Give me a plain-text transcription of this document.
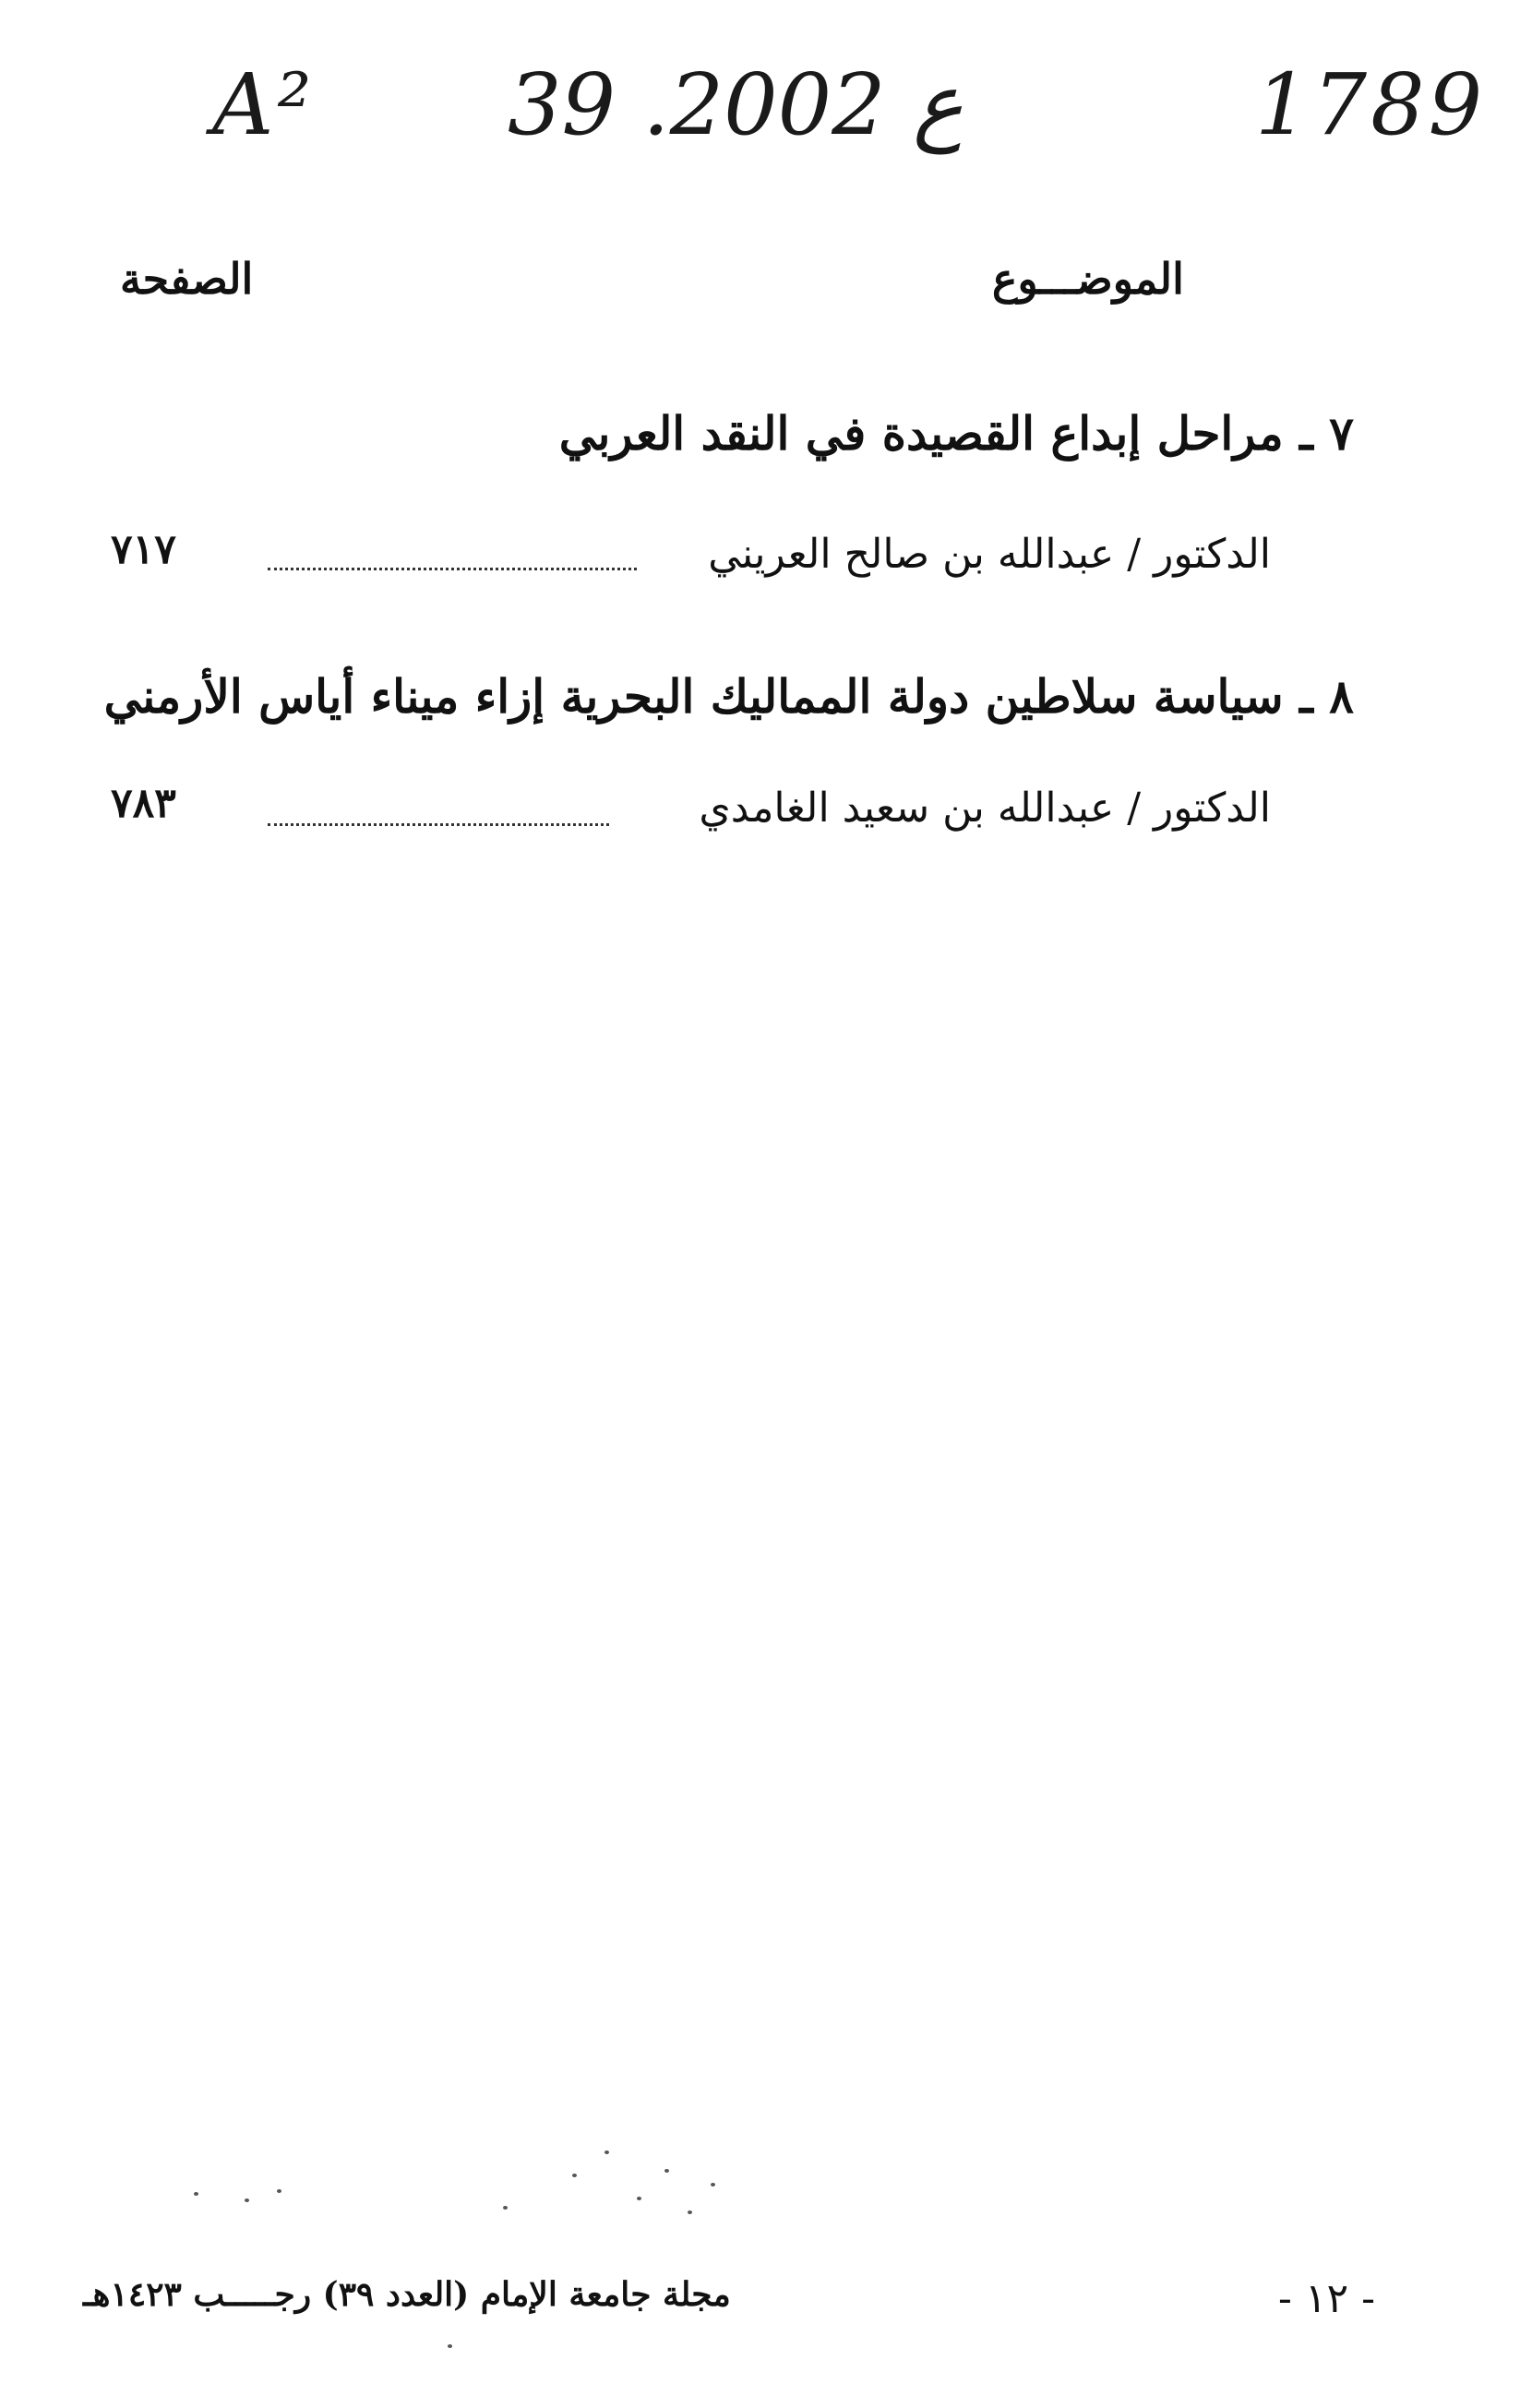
A² 39 .ع 2002	1789
الموضـــوع
الصفحة
٧ ـ مراحل إبداع القصيدة في النقد العربي
الدكتور / عبدالله بن صالح العريني
٧١٧
٨ ـ سياسة سلاطين دولة المماليك البحرية إزاء ميناء أياس الأرمني
الدكتور / عبدالله بن سعيد الغامدي
٧٨٣
مجلة جامعة الإمام (العدد ٣٩) رجـــــب ١٤٢٣هـ	- ١٢ -
